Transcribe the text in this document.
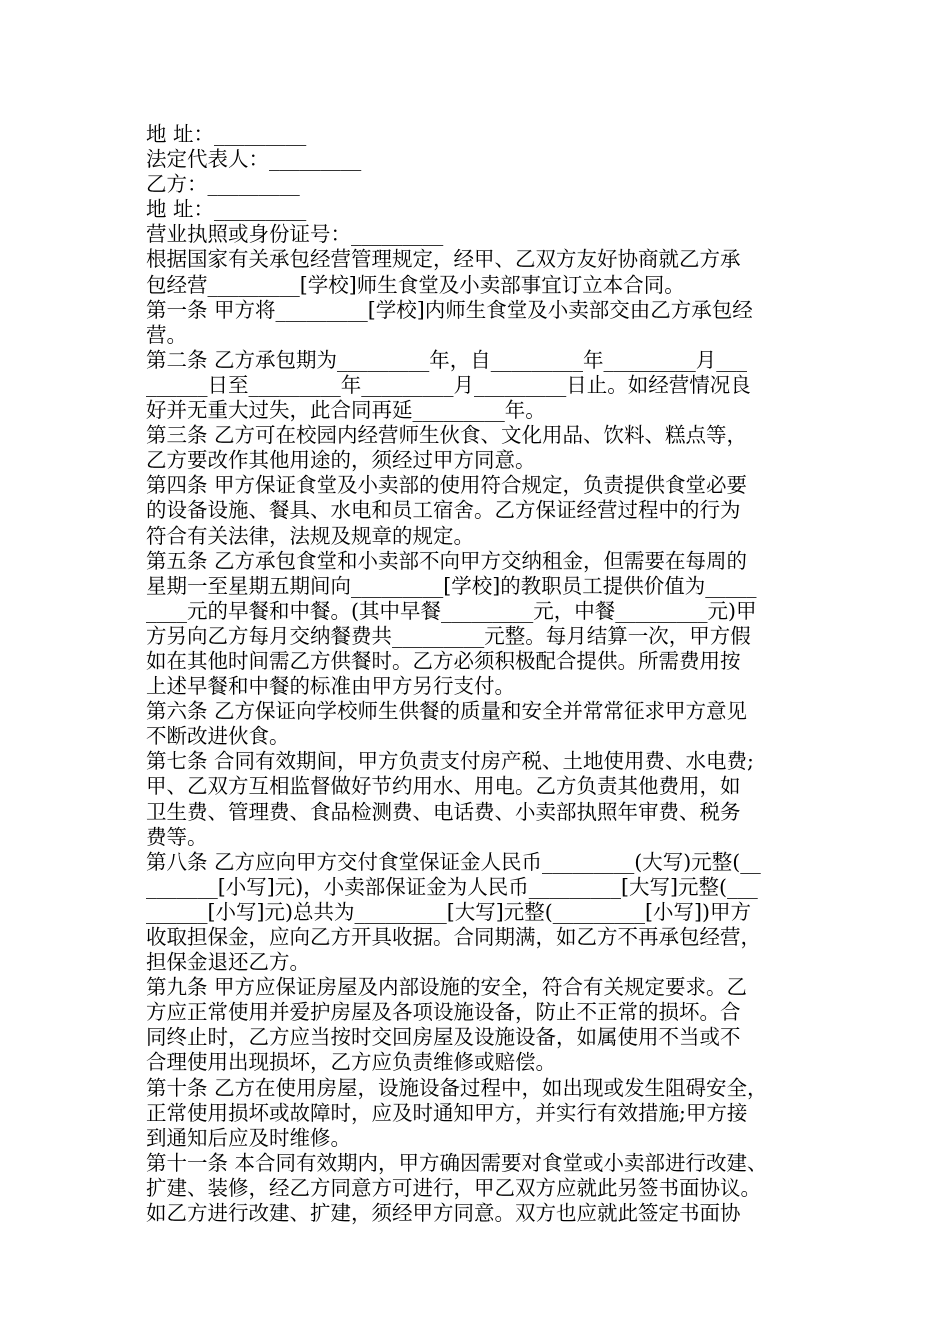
地 址：_________
法定代表人：_________
乙方：_________
地 址：_________
营业执照或身份证号：_________
根据国家有关承包经营管理规定，经甲、乙双方友好协商就乙方承
包经营_________[学校]师生食堂及小卖部事宜订立本合同。
第一条 甲方将_________[学校]内师生食堂及小卖部交由乙方承包经
营。
第二条 乙方承包期为_________年，自_________年_________月___
______日至_________年_________月_________日止。如经营情况良
好并无重大过失，此合同再延_________年。
第三条 乙方可在校园内经营师生伙食、文化用品、饮料、糕点等，
乙方要改作其他用途的，须经过甲方同意。
第四条 甲方保证食堂及小卖部的使用符合规定，负责提供食堂必要
的设备设施、餐具、水电和员工宿舍。乙方保证经营过程中的行为
符合有关法律，法规及规章的规定。
第五条 乙方承包食堂和小卖部不向甲方交纳租金，但需要在每周的
星期一至星期五期间向_________[学校]的教职员工提供价值为_____
____元的早餐和中餐。(其中早餐_________元，中餐_________元)甲
方另向乙方每月交纳餐费共_________元整。每月结算一次，甲方假
如在其他时间需乙方供餐时。乙方必须积极配合提供。所需费用按
上述早餐和中餐的标准由甲方另行支付。
第六条 乙方保证向学校师生供餐的质量和安全并常常征求甲方意见
不断改进伙食。
第七条 合同有效期间，甲方负责支付房产税、土地使用费、水电费;
甲、乙双方互相监督做好节约用水、用电。乙方负责其他费用，如
卫生费、管理费、食品检测费、电话费、小卖部执照年审费、税务
费等。
第八条 乙方应向甲方交付食堂保证金人民币_________(大写)元整(__
_______[小写]元)，小卖部保证金为人民币_________[大写]元整(___
______[小写]元)总共为_________[大写]元整(_________[小写])甲方
收取担保金，应向乙方开具收据。合同期满，如乙方不再承包经营，
担保金退还乙方。
第九条 甲方应保证房屋及内部设施的安全，符合有关规定要求。乙
方应正常使用并爱护房屋及各项设施设备，防止不正常的损坏。合
同终止时，乙方应当按时交回房屋及设施设备，如属使用不当或不
合理使用出现损坏，乙方应负责维修或赔偿。
第十条 乙方在使用房屋，设施设备过程中，如出现或发生阻碍安全，
正常使用损坏或故障时，应及时通知甲方，并实行有效措施;甲方接
到通知后应及时维修。
第十一条 本合同有效期内，甲方确因需要对食堂或小卖部进行改建、
扩建、装修，经乙方同意方可进行，甲乙双方应就此另签书面协议。
如乙方进行改建、扩建，须经甲方同意。双方也应就此签定书面协
